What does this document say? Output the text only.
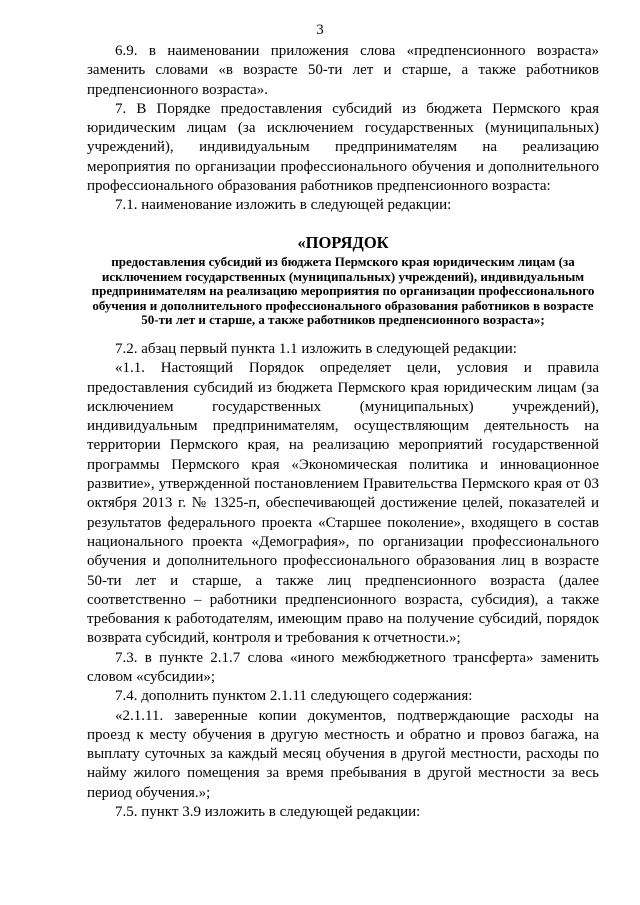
3

6.9. в наименовании приложения слова «предпенсионного возраста» заменить словами «в возрасте 50-ти лет и старше, а также работников предпенсионного возраста».

7. В Порядке предоставления субсидий из бюджета Пермского края юридическим лицам (за исключением государственных (муниципальных) учреждений), индивидуальным предпринимателям на реализацию мероприятия по организации профессионального обучения и дополнительного профессионального образования работников предпенсионного возраста:

7.1. наименование изложить в следующей редакции:

«ПОРЯДОК
предоставления субсидий из бюджета Пермского края юридическим лицам (за исключением государственных (муниципальных) учреждений), индивидуальным предпринимателям на реализацию мероприятия по организации профессионального обучения и дополнительного профессионального образования работников в возрасте 50-ти лет и старше, а также работников предпенсионного возраста»;

7.2. абзац первый пункта 1.1 изложить в следующей редакции:

«1.1. Настоящий Порядок определяет цели, условия и правила предоставления субсидий из бюджета Пермского края юридическим лицам (за исключением государственных (муниципальных) учреждений), индивидуальным предпринимателям, осуществляющим деятельность на территории Пермского края, на реализацию мероприятий государственной программы Пермского края «Экономическая политика и инновационное развитие», утвержденной постановлением Правительства Пермского края от 03 октября 2013 г. № 1325-п, обеспечивающей достижение целей, показателей и результатов федерального проекта «Старшее поколение», входящего в состав национального проекта «Демография», по организации профессионального обучения и дополнительного профессионального образования лиц в возрасте 50-ти лет и старше, а также лиц предпенсионного возраста (далее соответственно – работники предпенсионного возраста, субсидия), а также требования к работодателям, имеющим право на получение субсидий, порядок возврата субсидий, контроля и требования к отчетности.»;

7.3. в пункте 2.1.7 слова «иного межбюджетного трансферта» заменить словом «субсидии»;

7.4. дополнить пунктом 2.1.11 следующего содержания:

«2.1.11. заверенные копии документов, подтверждающие расходы на проезд к месту обучения в другую местность и обратно и провоз багажа, на выплату суточных за каждый месяц обучения в другой местности, расходы по найму жилого помещения за время пребывания в другой местности за весь период обучения.»;

7.5. пункт 3.9 изложить в следующей редакции:
